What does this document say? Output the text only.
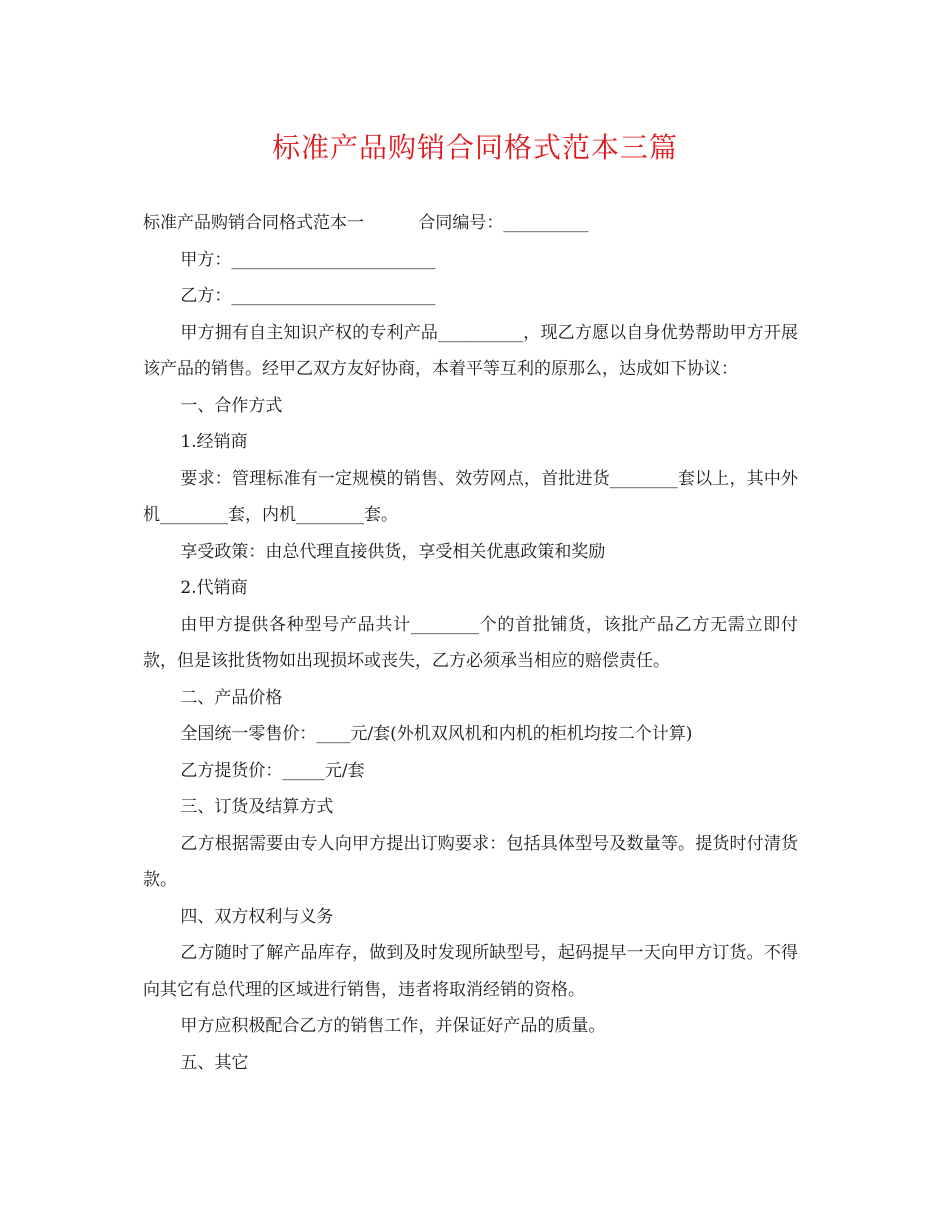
标准产品购销合同格式范本三篇

标准产品购销合同格式范本一	合同编号：__________

甲方：________________________

乙方：________________________

甲方拥有自主知识产权的专利产品__________，现乙方愿以自身优势帮助甲方开展该产品的销售。经甲乙双方友好协商，本着平等互利的原那么，达成如下协议：

一、合作方式

1.经销商

要求：管理标准有一定规模的销售、效劳网点，首批进货________套以上，其中外机________套，内机________套。

享受政策：由总代理直接供货，享受相关优惠政策和奖励

2.代销商

由甲方提供各种型号产品共计________个的首批铺货，该批产品乙方无需立即付款，但是该批货物如出现损坏或丧失，乙方必须承当相应的赔偿责任。

二、产品价格

全国统一零售价：____元/套(外机双风机和内机的柜机均按二个计算)

乙方提货价：_____元/套

三、订货及结算方式

乙方根据需要由专人向甲方提出订购要求：包括具体型号及数量等。提货时付清货款。

四、双方权利与义务

乙方随时了解产品库存，做到及时发现所缺型号，起码提早一天向甲方订货。不得向其它有总代理的区域进行销售，违者将取消经销的资格。

甲方应积极配合乙方的销售工作，并保证好产品的质量。

五、其它
